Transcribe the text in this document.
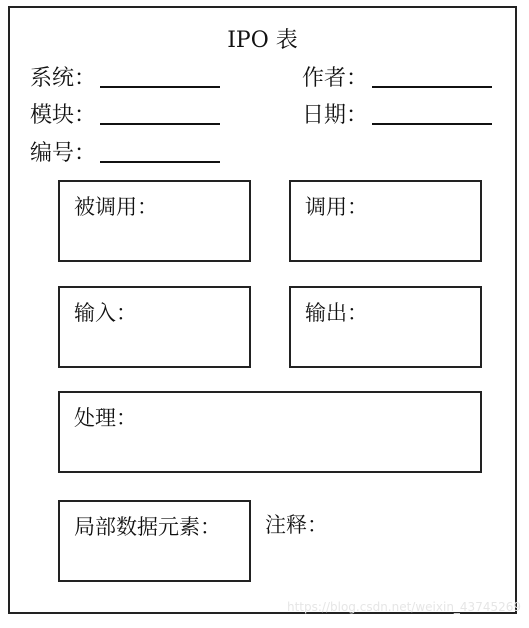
IPO 表
系统：	作者：
模块：	日期：
编号：
被调用：	调用：
输入：	输出：
处理：
局部数据元素： 注释：
https://blog.csdn.net/weixin_43745269
